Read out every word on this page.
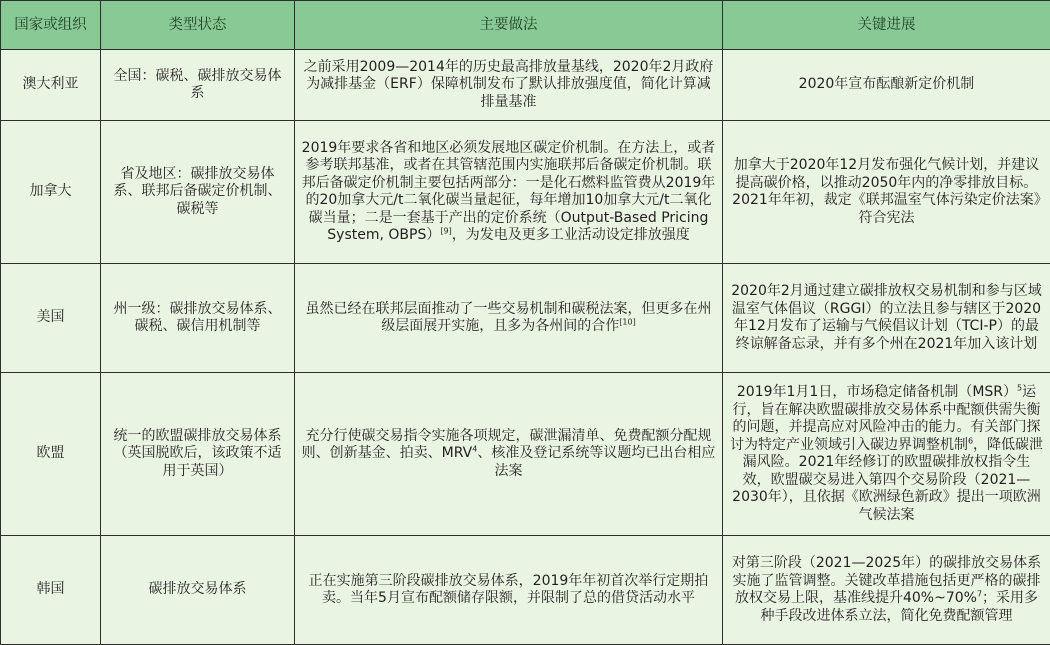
国家或组织	类型状态	主要做法	关键进展
澳大利亚	全国：碳税、碳排放交易体系	之前采用2009—2014年的历史最高排放量基线，2020年2月政府为减排基金（ERF）保障机制发布了默认排放强度值，简化计算减排量基准	2020年宣布酝酿新定价机制
加拿大	省及地区：碳排放交易体系、联邦后备碳定价机制、碳税等	2019年要求各省和地区必须发展地区碳定价机制。在方法上，或者参考联邦基准，或者在其管辖范围内实施联邦后备碳定价机制。联邦后备碳定价机制主要包括两部分：一是化石燃料监管费从2019年的20加拿大元/t二氧化碳当量起征，每年增加10加拿大元/t二氧化碳当量；二是一套基于产出的定价系统（Output-Based Pricing System, OBPS）[9]，为发电及更多工业活动设定排放强度	加拿大于2020年12月发布强化气候计划，并建议提高碳价格，以推动2050年内的净零排放目标。2021年年初，裁定《联邦温室气体污染定价法案》符合宪法
美国	州一级：碳排放交易体系、碳税、碳信用机制等	虽然已经在联邦层面推动了一些交易机制和碳税法案，但更多在州级层面展开实施，且多为各州间的合作[10]	2020年2月通过建立碳排放权交易机制和参与区域温室气体倡议（RGGI）的立法且参与辖区于2020年12月发布了运输与气候倡议计划（TCI-P）的最终谅解备忘录，并有多个州在2021年加入该计划
欧盟	统一的欧盟碳排放交易体系（英国脱欧后，该政策不适用于英国）	充分行使碳交易指令实施各项规定，碳泄漏清单、免费配额分配规则、创新基金、拍卖、MRV$^4$、核准及登记系统等议题均已出台相应法案	2019年1月1日，市场稳定储备机制（MSR）$^5$运行，旨在解决欧盟碳排放交易体系中配额供需失衡的问题，并提高应对风险冲击的能力。有关部门探讨为特定产业领域引入碳边界调整机制$^6$，降低碳泄漏风险。2021年经修订的欧盟碳排放权指令生效，欧盟碳交易进入第四个交易阶段（2021—2030年），且依据《欧洲绿色新政》提出一项欧洲气候法案
韩国	碳排放交易体系	正在实施第三阶段碳排放交易体系，2019年年初首次举行定期拍卖。当年5月宣布配额储存限额，并限制了总的借贷活动水平	对第三阶段（2021—2025年）的碳排放交易体系实施了监管调整。关键改革措施包括更严格的碳排放权交易上限，基准线提升40%~70%$^7$；采用多种手段改进体系立法，简化免费配额管理
